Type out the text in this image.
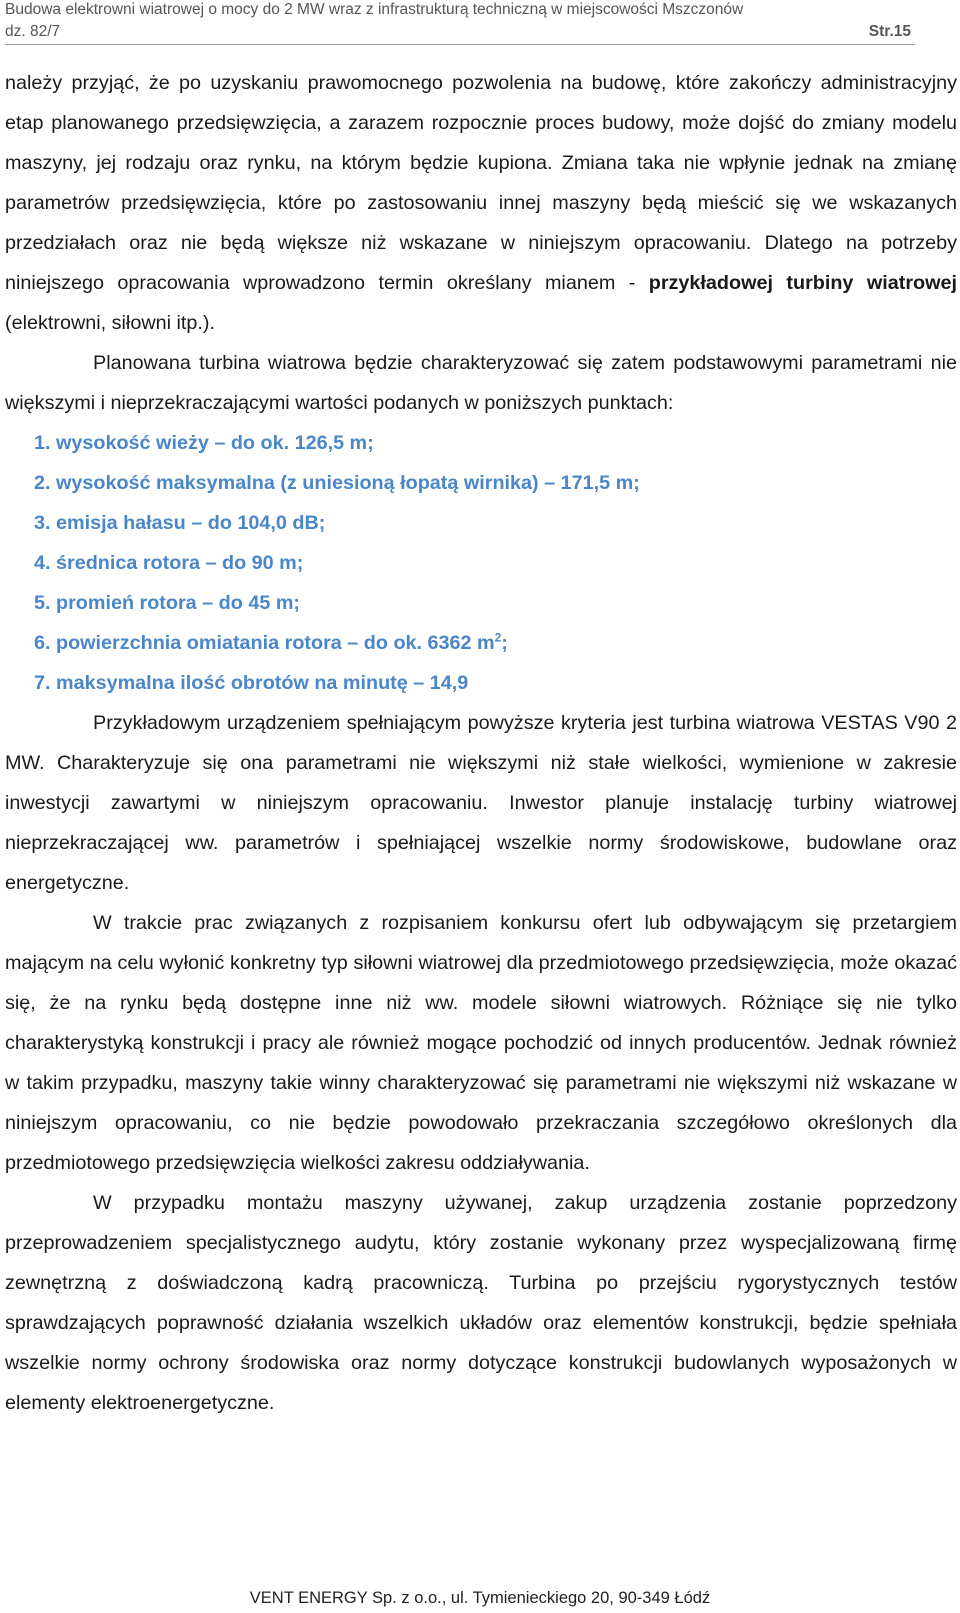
Budowa elektrowni wiatrowej o mocy do 2 MW wraz z infrastrukturą techniczną w miejscowości Mszczonów
dz. 82/7	Str.15

należy przyjąć, że po uzyskaniu prawomocnego pozwolenia na budowę, które zakończy administracyjny etap planowanego przedsięwzięcia, a zarazem rozpocznie proces budowy, może dojść do zmiany modelu maszyny, jej rodzaju oraz rynku, na którym będzie kupiona. Zmiana taka nie wpłynie jednak na zmianę parametrów przedsięwzięcia, które po zastosowaniu innej maszyny będą mieścić się we wskazanych przedziałach oraz nie będą większe niż wskazane w niniejszym opracowaniu. Dlatego na potrzeby niniejszego opracowania wprowadzono termin określany mianem - przykładowej turbiny wiatrowej (elektrowni, siłowni itp.).

Planowana turbina wiatrowa będzie charakteryzować się zatem podstawowymi parametrami nie większymi i nieprzekraczającymi wartości podanych w poniższych punktach:

1. wysokość wieży – do ok. 126,5 m;
2. wysokość maksymalna (z uniesioną łopatą wirnika) – 171,5 m;
3. emisja hałasu – do 104,0 dB;
4. średnica rotora – do 90 m;
5. promień rotora – do 45 m;
6. powierzchnia omiatania rotora – do ok. 6362 $m^2$;
7. maksymalna ilość obrotów na minutę – 14,9

Przykładowym urządzeniem spełniającym powyższe kryteria jest turbina wiatrowa VESTAS V90 2 MW. Charakteryzuje się ona parametrami nie większymi niż stałe wielkości, wymienione w zakresie inwestycji zawartymi w niniejszym opracowaniu. Inwestor planuje instalację turbiny wiatrowej nieprzekraczającej ww. parametrów i spełniającej wszelkie normy środowiskowe, budowlane oraz energetyczne.

W trakcie prac związanych z rozpisaniem konkursu ofert lub odbywającym się przetargiem mającym na celu wyłonić konkretny typ siłowni wiatrowej dla przedmiotowego przedsięwzięcia, może okazać się, że na rynku będą dostępne inne niż ww. modele siłowni wiatrowych. Różniące się nie tylko charakterystyką konstrukcji i pracy ale również mogące pochodzić od innych producentów. Jednak również w takim przypadku, maszyny takie winny charakteryzować się parametrami nie większymi niż wskazane w niniejszym opracowaniu, co nie będzie powodowało przekraczania szczegółowo określonych dla przedmiotowego przedsięwzięcia wielkości zakresu oddziaływania.

W przypadku montażu maszyny używanej, zakup urządzenia zostanie poprzedzony przeprowadzeniem specjalistycznego audytu, który zostanie wykonany przez wyspecjalizowaną firmę zewnętrzną z doświadczoną kadrą pracowniczą. Turbina po przejściu rygorystycznych testów sprawdzających poprawność działania wszelkich układów oraz elementów konstrukcji, będzie spełniała wszelkie normy ochrony środowiska oraz normy dotyczące konstrukcji budowlanych wyposażonych w elementy elektroenergetyczne.

VENT ENERGY Sp. z o.o., ul. Tymienieckiego 20, 90-349 Łódź
